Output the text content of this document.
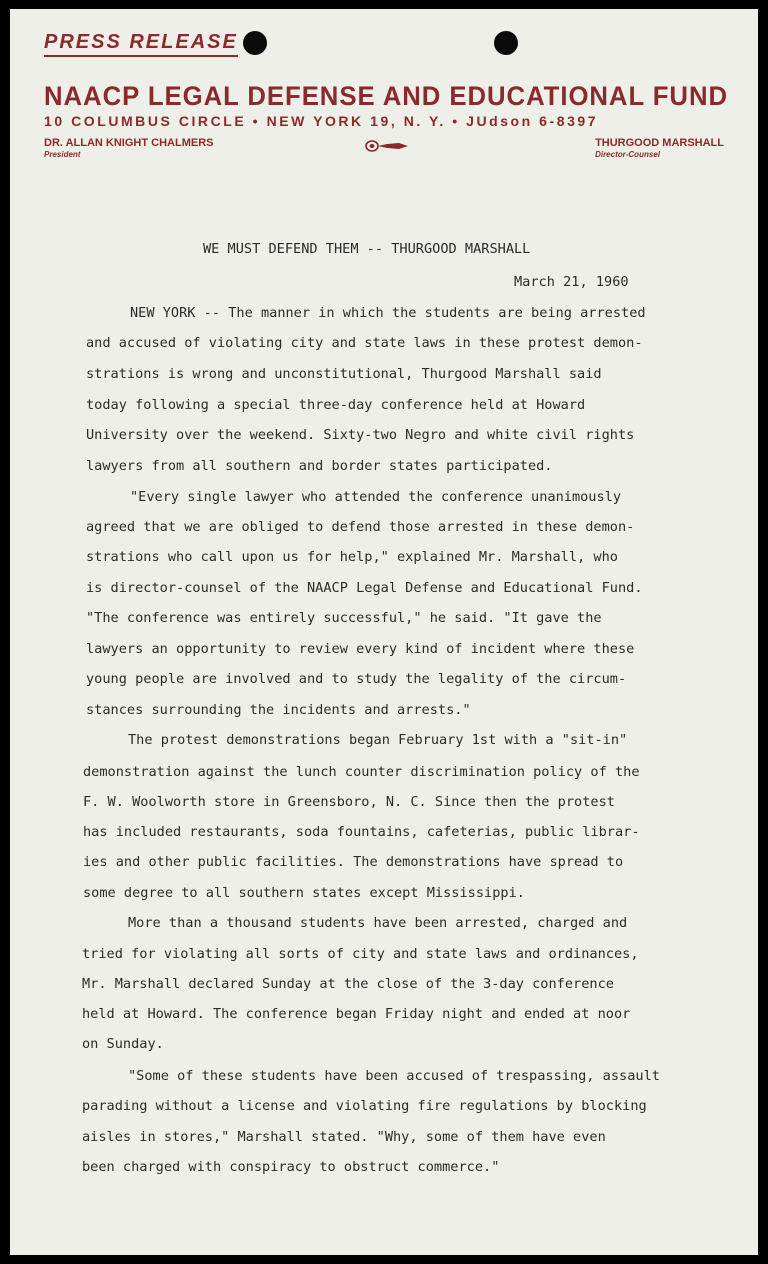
PRESS RELEASE
NAACP LEGAL DEFENSE AND EDUCATIONAL FUND
10 COLUMBUS CIRCLE • NEW YORK 19, N. Y. • JUdson 6-8397
DR. ALLAN KNIGHT CHALMERS
President
THURGOOD MARSHALL
Director-Counsel
WE MUST DEFEND THEM -- THURGOOD MARSHALL
March 21, 1960
NEW YORK -- The manner in which the students are being arrested
and accused of violating city and state laws in these protest demon-
strations is wrong and unconstitutional, Thurgood Marshall said
today following a special three-day conference held at Howard
University over the weekend. Sixty-two Negro and white civil rights
lawyers from all southern and border states participated.
"Every single lawyer who attended the conference unanimously
agreed that we are obliged to defend those arrested in these demon-
strations who call upon us for help," explained Mr. Marshall, who
is director-counsel of the NAACP Legal Defense and Educational Fund.
"The conference was entirely successful," he said. "It gave the
lawyers an opportunity to review every kind of incident where these
young people are involved and to study the legality of the circum-
stances surrounding the incidents and arrests."
The protest demonstrations began February 1st with a "sit-in"
demonstration against the lunch counter discrimination policy of the
F. W. Woolworth store in Greensboro, N. C. Since then the protest
has included restaurants, soda fountains, cafeterias, public librar-
ies and other public facilities. The demonstrations have spread to
some degree to all southern states except Mississippi.
More than a thousand students have been arrested, charged and
tried for violating all sorts of city and state laws and ordinances,
Mr. Marshall declared Sunday at the close of the 3-day conference
held at Howard. The conference began Friday night and ended at noor
on Sunday.
"Some of these students have been accused of trespassing, assault
parading without a license and violating fire regulations by blocking
aisles in stores," Marshall stated. "Why, some of them have even
been charged with conspiracy to obstruct commerce."
